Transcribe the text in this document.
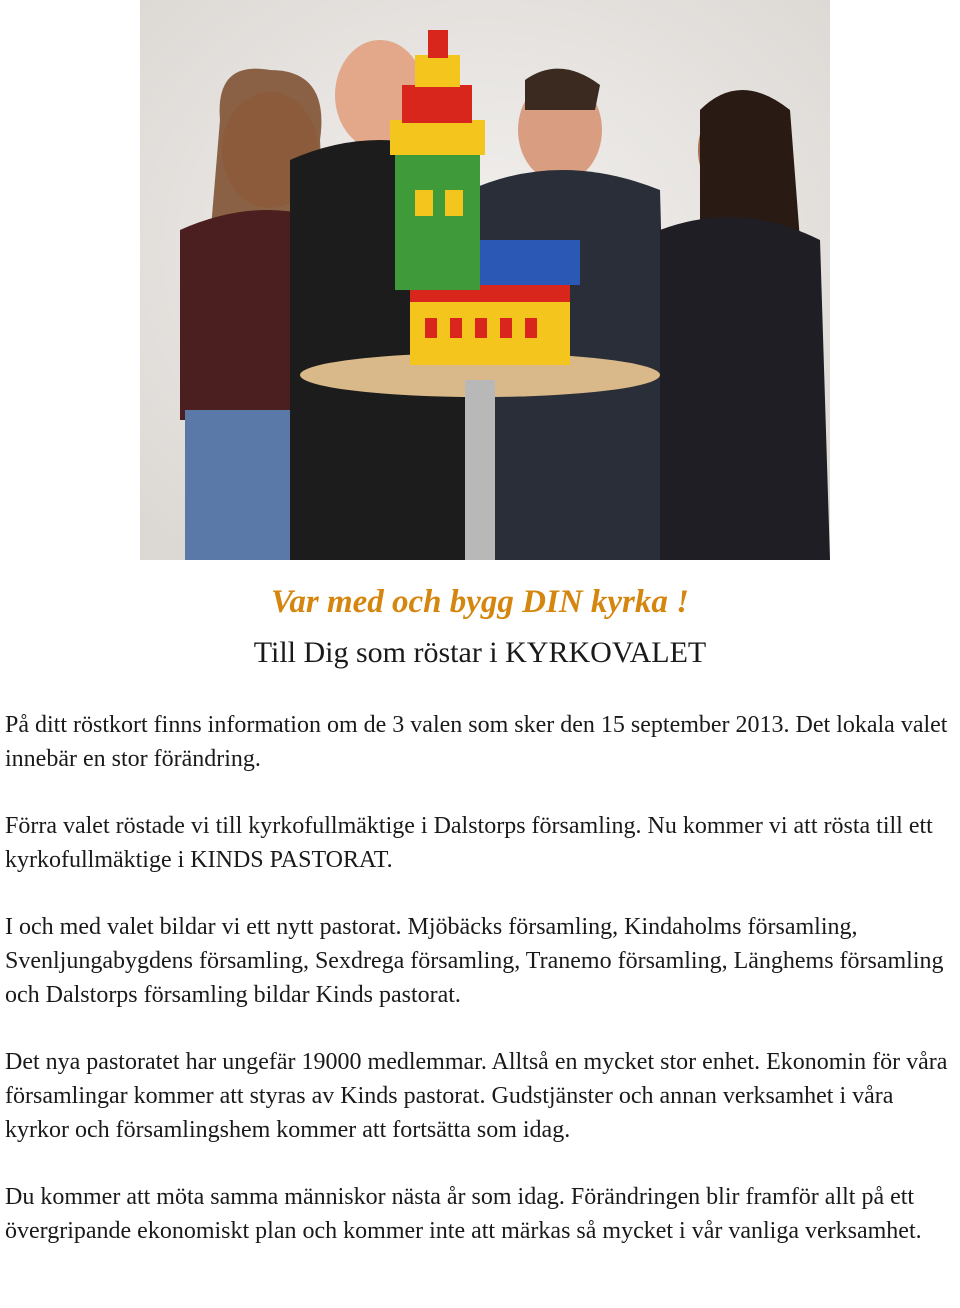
Var med och bygg DIN kyrka !
Till Dig som röstar i KYRKOVALET

På ditt röstkort finns information om de 3 valen som sker den 15 september 2013. Det lokala valet innebär en stor förändring.

Förra valet röstade vi till kyrkofullmäktige i Dalstorps församling. Nu kommer vi att rösta till ett kyrkofullmäktige i KINDS PASTORAT.

I och med valet bildar vi ett nytt pastorat. Mjöbäcks församling, Kindaholms församling, Svenljungabygdens församling, Sexdrega församling, Tranemo församling, Länghems församling och Dalstorps församling bildar Kinds pastorat.

Det nya pastoratet har ungefär 19000 medlemmar. Alltså en mycket stor enhet. Ekonomin för våra församlingar kommer att styras av Kinds pastorat. Gudstjänster och annan verksamhet i våra kyrkor och församlingshem kommer att fortsätta som idag.

Du kommer att möta samma människor nästa år som idag. Förändringen blir framför allt på ett övergripande ekonomiskt plan och kommer inte att märkas så mycket i vår vanliga verksamhet.
